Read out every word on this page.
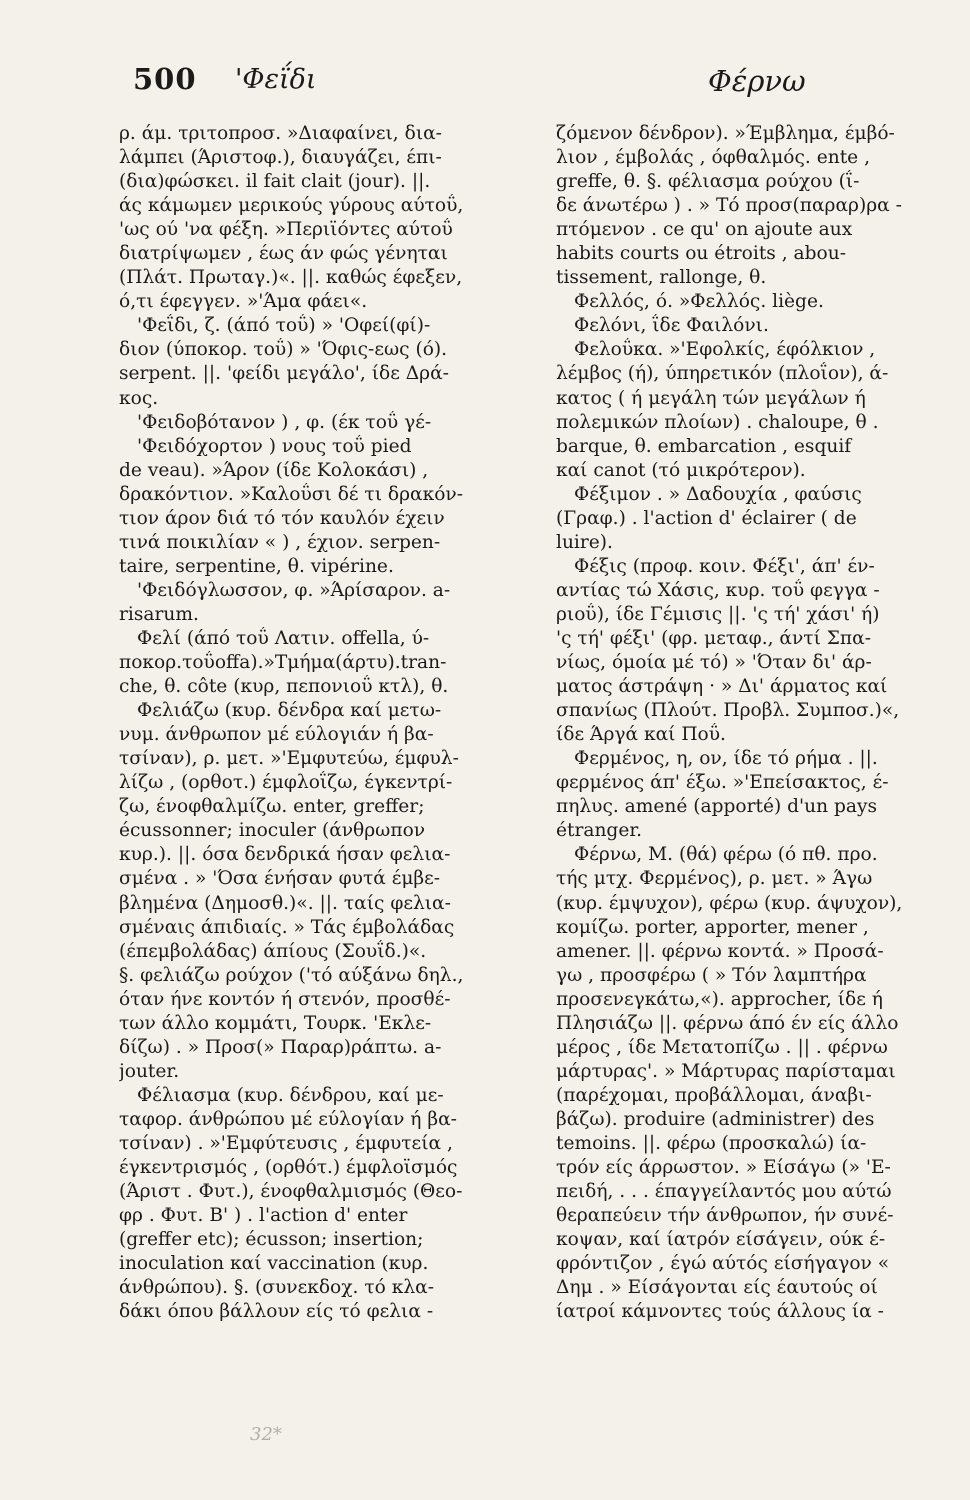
500 'Φεΐδι	Φέρνω
ρ. άμ. τριτοπροσ. »Διαφαίνει, δια-
λάμπει (Άριστοφ.), διαυγάζει, έπι-
(δια)φώσκει. il fait clait (jour). ||.
άς κάμωμεν μερικούς γύρους αύτοΰ,
'ως ού 'να φέξη. »Περιϊόντες αύτοΰ
διατρίψωμεν , έως άν φώς γένηται
(Πλάτ. Πρωταγ.)«. ||. καθώς έφεξεν,
ό,τι έφεγγεν. »'Άμα φάει«.
'Φεΐδι, ζ. (άπό τοΰ) » 'Οφεί(φί)-
διον (ύποκορ. τοΰ) » 'Όφις-εως (ό).
serpent. ||. 'φείδι μεγάλο', ίδε Δρά-
κος.
'Φειδοβότανον ) , φ. (έκ τοΰ γέ-
'Φειδόχορτον ) νους τοΰ pied
de veau). »Άρον (ίδε Κολοκάσι) ,
δρακόντιον. »Καλοΰσι δέ τι δρακόν-
τιον άρον διά τό τόν καυλόν έχειν
τινά ποικιλίαν « ) , έχιον. serpen-
taire, serpentine, θ. vipérine.
'Φειδόγλωσσον, φ. »Άρίσαρον. a-
risarum.
Φελί (άπό τοΰ Λατιν. offella, ύ-
ποκορ.τοΰoffa).»Τμήμα(άρτυ).tran-
che, θ. côte (κυρ, πεπονιοΰ κτλ), θ.
Φελιάζω (κυρ. δένδρα καί μετω-
νυμ. άνθρωπον μέ εύλογιάν ή βα-
τσίναν), ρ. μετ. »'Εμφυτεύω, έμφυλ-
λίζω , (ορθοτ.) έμφλοΐζω, έγκεντρί-
ζω, ένοφθαλμίζω. enter, greffer;
écussonner; inoculer (άνθρωπον
κυρ.). ||. όσα δενδρικά ήσαν φελια-
σμένα . » 'Όσα ένήσαν φυτά έμβε-
βλημένα (Δημοσθ.)«. ||. ταίς φελια-
σμέναις άπιδιαίς. » Τάς έμβολάδας
(έπεμβολάδας) άπίους (Σουΐδ.)«.
§. φελιάζω ρούχον ('τό αύξάνω δηλ.,
όταν ήνε κοντόν ή στενόν, προσθέ-
των άλλο κομμάτι, Τουρκ. 'Εκλε-
δίζω) . » Προσ(» Παραρ)ράπτω. a-
jouter.
Φέλιασμα (κυρ. δένδρου, καί με-
ταφορ. άνθρώπου μέ εύλογίαν ή βα-
τσίναν) . »'Εμφύτευσις , έμφυτεία ,
έγκεντρισμός , (ορθότ.) έμφλοϊσμός
(Άριστ . Φυτ.), ένοφθαλμισμός (Θεο-
φρ . Φυτ. Β' ) . l'action d' enter
(greffer etc); écusson; insertion;
inoculation καί vaccination (κυρ.
άνθρώπου). §. (συνεκδοχ. τό κλα-
δάκι όπου βάλλουν είς τό φελια -
ζόμενον δένδρον). »Έμβλημα, έμβό-
λιον , έμβολάς , όφθαλμός. ente ,
greffe, θ. §. φέλιασμα ρούχου (ΐ-
δε άνωτέρω ) . » Τό προσ(παραρ)ρα -
πτόμενον . ce qu' on ajoute aux
habits courts ou étroits , abou-
tissement, rallonge, θ.
Φελλός, ό. »Φελλός. liège.
Φελόνι, ΐδε Φαιλόνι.
Φελοΰκα. »'Εφολκίς, έφόλκιον ,
λέμβος (ή), ύπηρετικόν (πλοΐον), ά-
κατος ( ή μεγάλη τών μεγάλων ή
πολεμικών πλοίων) . chaloupe, θ .
barque, θ. embarcation , esquif
καί canot (τό μικρότερον).
Φέξιμον . » Δαδουχία , φαύσις
(Γραφ.) . l'action d' éclairer ( de
luire).
Φέξις (προφ. κοιν. Φέξι', άπ' έν-
αντίας τώ Χάσις, κυρ. τοΰ φεγγα -
ριοΰ), ίδε Γέμισις ||. 'ς τή' χάσι' ή)
'ς τή' φέξι' (φρ. μεταφ., άντί Σπα-
νίως, όμοία μέ τό) » 'Όταν δι' άρ-
ματος άστράψη · » Δι' άρματος καί
σπανίως (Πλούτ. Προβλ. Συμποσ.)«,
ίδε Άργά καί Ποΰ.
Φερμένος, η, ον, ίδε τό ρήμα . ||.
φερμένος άπ' έξω. »'Επείσακτος, έ-
πηλυς. amené (apporté) d'un pays
étranger.
Φέρνω, Μ. (θά) φέρω (ό πθ. προ.
τής μτχ. Φερμένος), ρ. μετ. » Άγω
(κυρ. έμψυχον), φέρω (κυρ. άψυχον),
κομίζω. porter, apporter, mener ,
amener. ||. φέρνω κοντά. » Προσά-
γω , προσφέρω ( » Τόν λαμπτήρα
προσενεγκάτω,«). approcher, ίδε ή
Πλησιάζω ||. φέρνω άπό έν είς άλλο
μέρος , ίδε Μετατοπίζω . || . φέρνω
μάρτυρας'. » Μάρτυρας παρίσταμαι
(παρέχομαι, προβάλλομαι, άναβι-
βάζω). produire (administrer) des
temoins. ||. φέρω (προσκαλώ) ία-
τρόν είς άρρωστον. » Είσάγω (» 'Ε-
πειδή, . . . έπαγγείλαντός μου αύτώ
θεραπεύειν τήν άνθρωπον, ήν συνέ-
κοψαν, καί ίατρόν είσάγειν, ούκ έ-
φρόντιζον , έγώ αύτός είσήγαγον «
Δημ . » Είσάγονται είς έαυτούς οί
ίατροί κάμνοντες τούς άλλους ία -
32*
